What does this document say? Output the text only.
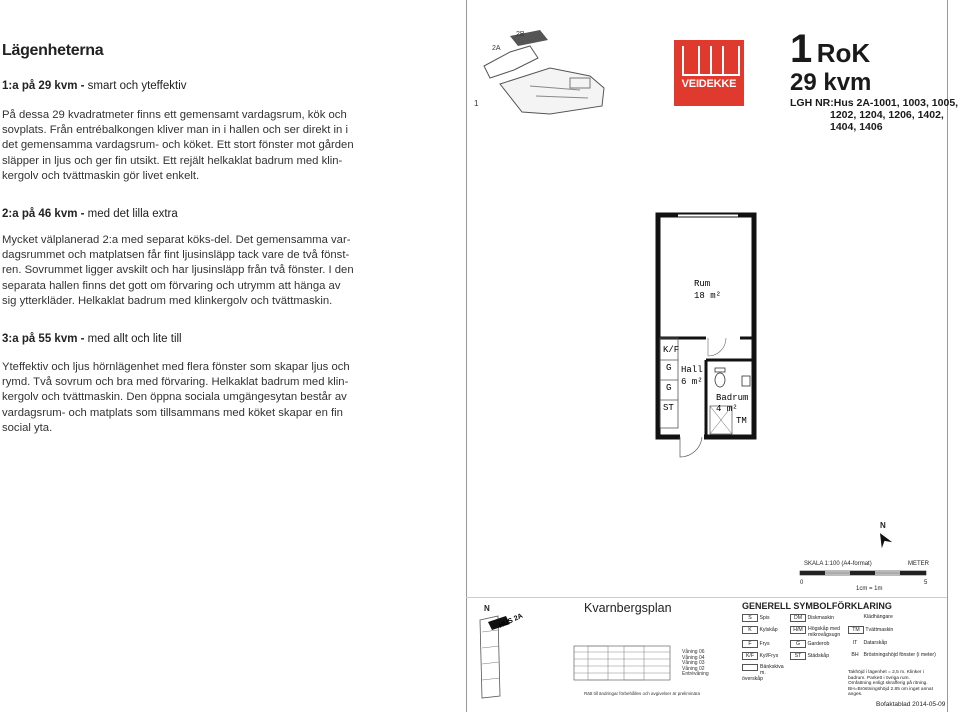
Lägenheterna
1:a på 29 kvm - smart och yteffektiv
På dessa 29 kvadratmeter finns ett gemensamt vardagsrum, kök och
sovplats. Från entrébalkongen kliver man in i hallen och ser direkt in i
det gemensamma vardagsrum- och köket. Ett stort fönster mot gården
släpper in ljus och ger fin utsikt. Ett rejält helkaklat badrum med klin-
kergolv och tvättmaskin gör livet enkelt.
2:a på 46 kvm - med det lilla extra
Mycket välplanerad 2:a med separat köks-del. Det gemensamma var-
dagsrummet och matplatsen får fint ljusinsläpp tack vare de två fönst-
ren. Sovrummet ligger avskilt och har ljusinsläpp från två fönster. I den
separata hallen finns det gott om förvaring och utrymm att hänga av
sig ytterkläder. Helkaklat badrum med klinkergolv och tvättmaskin.
3:a på 55 kvm - med allt och lite till
Yteffektiv och ljus hörnlägenhet med flera fönster som skapar ljus och
rymd. Två sovrum och bra med förvaring. Helkaklat badrum med klin-
kergolv och tvättmaskin. Den öppna sociala umgängesytan består av
vardagsrum- och matplats som tillsammans med köket skapar en fin
social yta.
1
2A
2B
VEIDEKKE
1 RoK
29 kvm
LGH NR:Hus 2A-1001, 1003, 1005,
1202, 1204, 1206, 1402,
1404, 1406
Rum
18 m²
K/F
G
G
ST
Hall
6 m²
Badrum
4 m²
TM
N
SKALA 1:100 (A4-format)	METER
0	5
1cm = 1m
N
HUS 2A
Kvarnbergsplan
Våning 06
Våning 04
Våning 03
Våning 02
Entrévåning
Rätt till ändringar förbehålles och avgivelser är preliminära
GENERELL SYMBOLFÖRKLARING
S Spis	DM Diskmaskin	Klädhängare
K Kylskåp	H/M	Högskåp med mikrovågsugn
TM Tvättmaskin
F Frys	G Garderob	IT Datarskåp
K/F Kyl/Frys	ST Städskåp	BH Bröstningshöjd fönster (i meter)
Bänkskiva m. överskåp
Takhöjd i lägenhet = 2,5 m. Klinker i
badrum. Parkett i övriga rum.
Omfattning enligt skrafferig på ritning.
BH=Bröstningshöjd 2.85 om inget annat
anges.
Bofaktablad 2014-05-09
